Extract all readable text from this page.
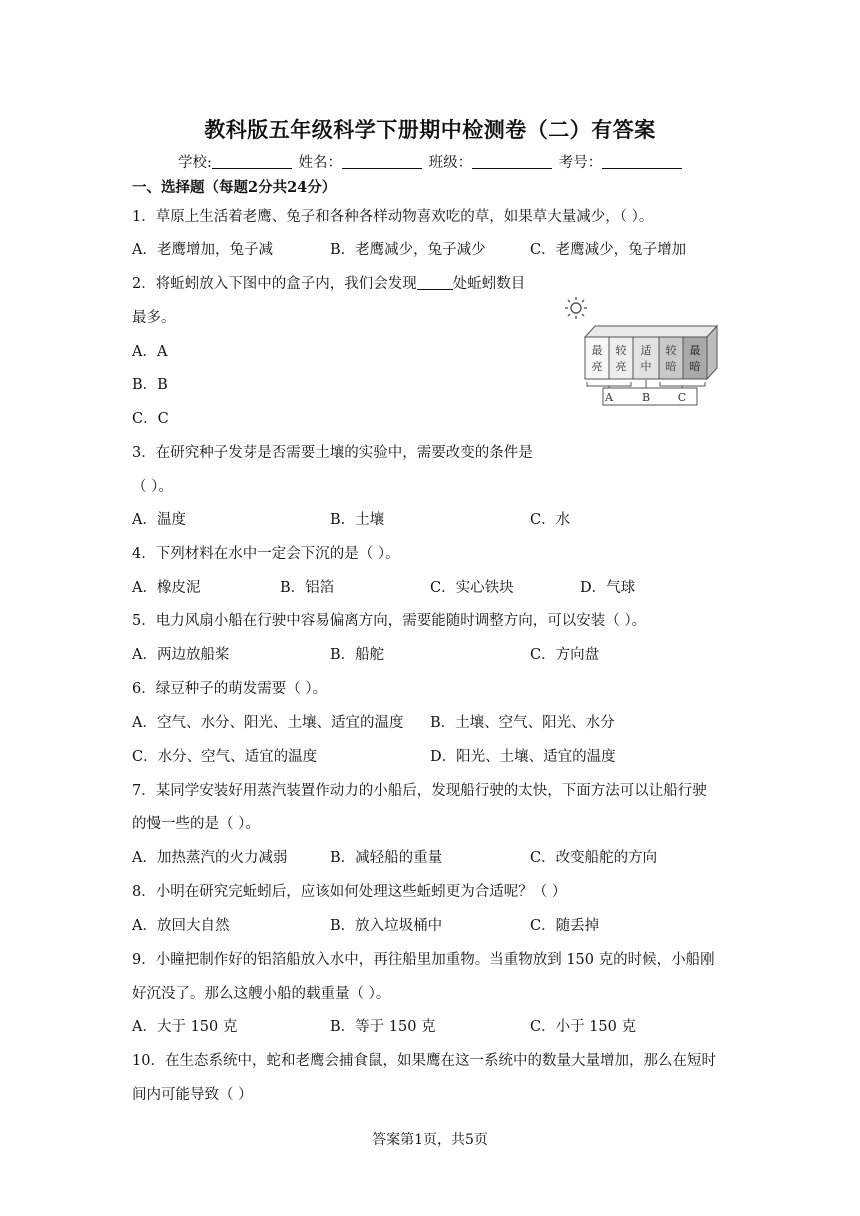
教科版五年级科学下册期中检测卷（二）有答案
学校:	姓名：	班级：	考号：
一、选择题（每题2分共24分）
1．草原上生活着老鹰、兔子和各种各样动物喜欢吃的草，如果草大量减少，（ ）。
A．老鹰增加，兔子减	B．老鹰减少，兔子减少	C．老鹰减少，兔子增加
2．将蚯蚓放入下图中的盒子内，我们会发现 处蚯蚓数目
最多。
A．A
B．B
C．C
最
亮
较
亮
适
中
较
暗
最
暗
A	B	C
3．在研究种子发芽是否需要土壤的实验中，需要改变的条件是
（ ）。
A．温度	B．土壤	C．水
4．下列材料在水中一定会下沉的是（ ）。
A．橡皮泥	B．铝箔	C．实心铁块	D．气球
5．电力风扇小船在行驶中容易偏离方向，需要能随时调整方向，可以安装（ ）。
A．两边放船桨	B．船舵	C．方向盘
6．绿豆种子的萌发需要（ ）。
A．空气、水分、阳光、土壤、适宜的温度 B．土壤、空气、阳光、水分
C．水分、空气、适宜的温度	D．阳光、土壤、适宜的温度
7．某同学安装好用蒸汽装置作动力的小船后，发现船行驶的太快，下面方法可以让船行驶
的慢一些的是（ ）。
A．加热蒸汽的火力减弱	B．减轻船的重量	C．改变船舵的方向
8．小明在研究完蚯蚓后，应该如何处理这些蚯蚓更为合适呢？（ ）
A．放回大自然	B．放入垃圾桶中	C．随丢掉
9．小瞳把制作好的铝箔船放入水中，再往船里加重物。当重物放到 150 克的时候，小船刚
好沉没了。那么这艘小船的载重量（ ）。
A．大于 150 克	B．等于 150 克	C．小于 150 克
10．在生态系统中，蛇和老鹰会捕食鼠，如果鹰在这一系统中的数量大量增加，那么在短时
间内可能导致（ ）
答案第1页，共5页
